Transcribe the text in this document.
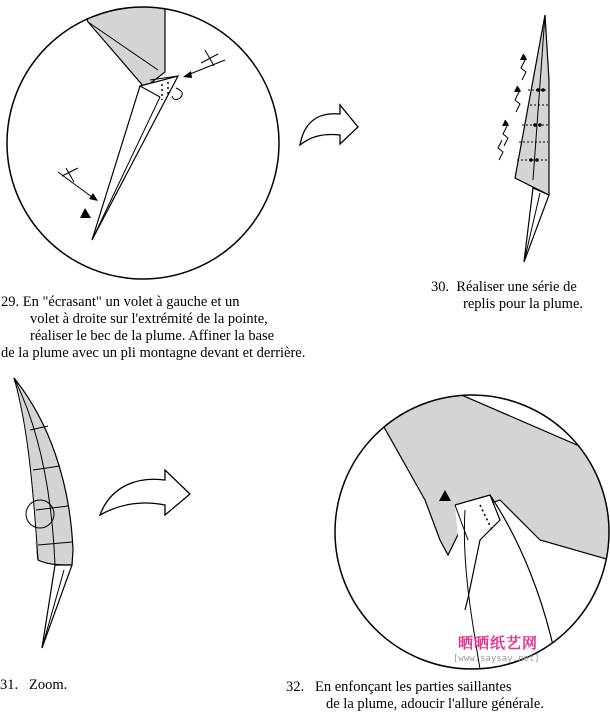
29. En "écrasant" un volet à gauche et un
volet à droite sur l'extrémité de la pointe,
réaliser le bec de la plume. Affiner la base
de la plume avec un pli montagne devant et derrière.
30. Réaliser une série de
replis pour la plume.
31. Zoom.	32. En enfonçant les parties saillantes
de la plume, adoucir l'allure générale.
晒晒纸艺网
[www.saysay.net]
